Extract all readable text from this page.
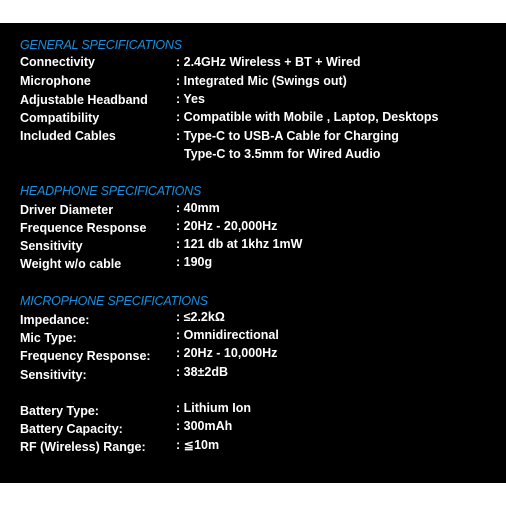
GENERAL SPECIFICATIONS
Connectivity	: 2.4GHz Wireless + BT + Wired
Microphone	: Integrated Mic (Swings out)
Adjustable Headband : Yes
Compatibility	: Compatible with Mobile , Laptop, Desktops
Included Cables	: Type-C to USB-A Cable for Charging
Type-C to 3.5mm for Wired Audio
HEADPHONE SPECIFICATIONS
Driver Diameter	: 40mm
Frequence Response : 20Hz - 20,000Hz
Sensitivity	: 121 db at 1khz 1mW
Weight w/o cable	: 190g
MICROPHONE SPECIFICATIONS
Impedance:	: ≤2.2kΩ
Mic Type:	: Omnidirectional
Frequency Response: : 20Hz - 10,000Hz
Sensitivity:	: 38±2dB
Battery Type:	: Lithium Ion
Battery Capacity:	: 300mAh
RF (Wireless) Range: : ≦10m
